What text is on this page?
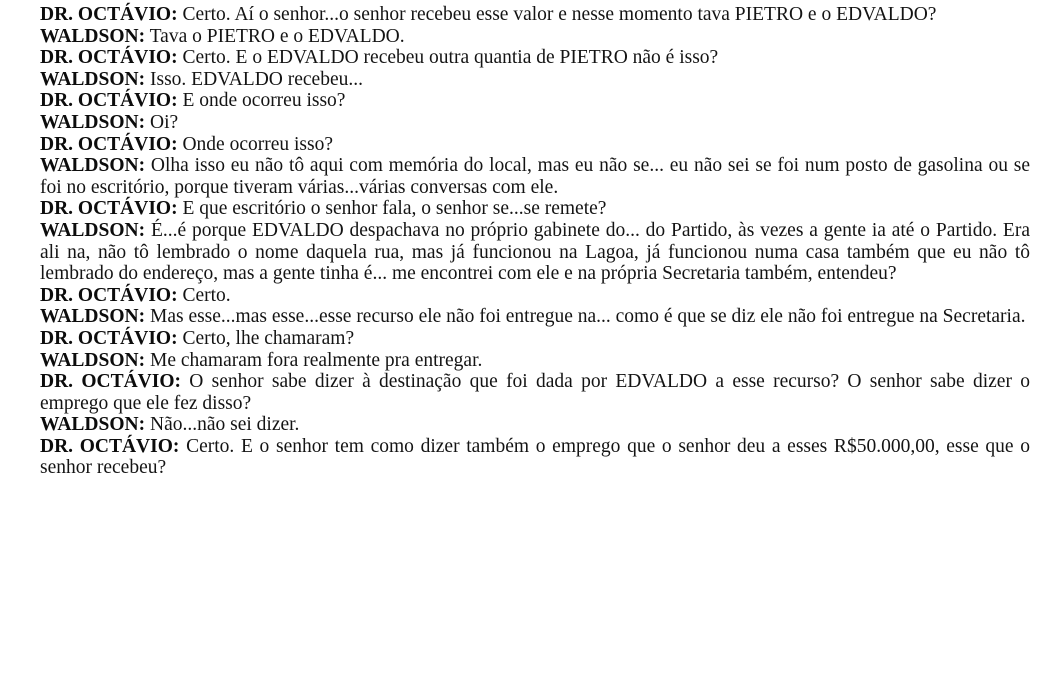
DR. OCTÁVIO: Certo. Aí o senhor...o senhor recebeu esse valor e nesse momento tava PIETRO e o EDVALDO?

WALDSON: Tava o PIETRO e o EDVALDO.

DR. OCTÁVIO: Certo. E o EDVALDO recebeu outra quantia de PIETRO não é isso?

WALDSON: Isso. EDVALDO recebeu...

DR. OCTÁVIO: E onde ocorreu isso?

WALDSON: Oi?

DR. OCTÁVIO: Onde ocorreu isso?

WALDSON: Olha isso eu não tô aqui com memória do local, mas eu não se... eu não sei se foi num posto de gasolina ou se foi no escritório, porque tiveram várias...várias conversas com ele.

DR. OCTÁVIO: E que escritório o senhor fala, o senhor se...se remete?

WALDSON: É...é porque EDVALDO despachava no próprio gabinete do... do Partido, às vezes a gente ia até o Partido. Era ali na, não tô lembrado o nome daquela rua, mas já funcionou na Lagoa, já funcionou numa casa também que eu não tô lembrado do endereço, mas a gente tinha é... me encontrei com ele e na própria Secretaria também, entendeu?

DR. OCTÁVIO: Certo.

WALDSON: Mas esse...mas esse...esse recurso ele não foi entregue na... como é que se diz ele não foi entregue na Secretaria.

DR. OCTÁVIO: Certo, lhe chamaram?

WALDSON: Me chamaram fora realmente pra entregar.

DR. OCTÁVIO: O senhor sabe dizer à destinação que foi dada por EDVALDO a esse recurso? O senhor sabe dizer o emprego que ele fez disso?

WALDSON: Não...não sei dizer.

DR. OCTÁVIO: Certo. E o senhor tem como dizer também o emprego que o senhor deu a esses R$50.000,00, esse que o senhor recebeu?
